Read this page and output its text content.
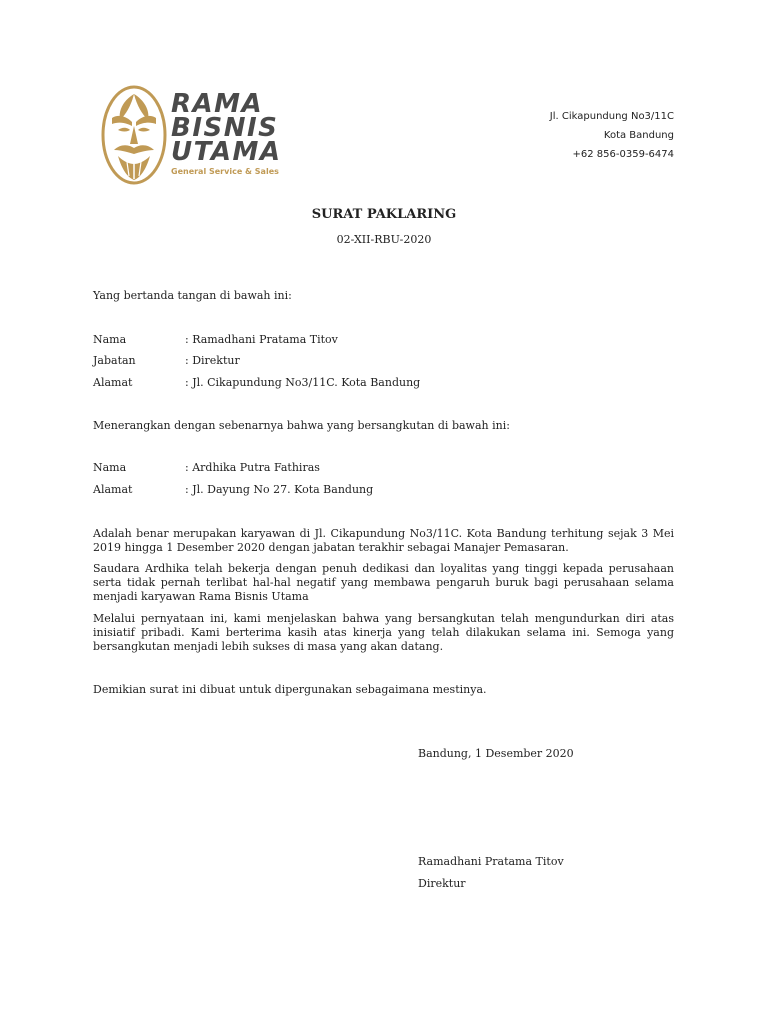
RAMA
BISNIS
UTAMA
General Service & Sales
Jl. Cikapundung No3/11C
Kota Bandung
+62 856-0359-6474
SURAT PAKLARING
02-XII-RBU-2020
Yang bertanda tangan di bawah ini:
Nama	: Ramadhani Pratama Titov
Jabatan	: Direktur
Alamat	: Jl. Cikapundung No3/11C. Kota Bandung
Menerangkan dengan sebenarnya bahwa yang bersangkutan di bawah ini:
Nama	: Ardhika Putra Fathiras
Alamat	: Jl. Dayung No 27. Kota Bandung
Adalah benar merupakan karyawan di Jl. Cikapundung No3/11C. Kota Bandung terhitung sejak 3 Mei 2019 hingga 1 Desember 2020 dengan jabatan terakhir sebagai Manajer Pemasaran.
Saudara Ardhika telah bekerja dengan penuh dedikasi dan loyalitas yang tinggi kepada perusahaan serta tidak pernah terlibat hal-hal negatif yang membawa pengaruh buruk bagi perusahaan selama menjadi karyawan Rama Bisnis Utama
Melalui pernyataan ini, kami menjelaskan bahwa yang bersangkutan telah mengundurkan diri atas inisiatif pribadi. Kami berterima kasih atas kinerja yang telah dilakukan selama ini. Semoga yang bersangkutan menjadi lebih sukses di masa yang akan datang.
Demikian surat ini dibuat untuk dipergunakan sebagaimana mestinya.
Bandung, 1 Desember 2020
Ramadhani Pratama Titov
Direktur
